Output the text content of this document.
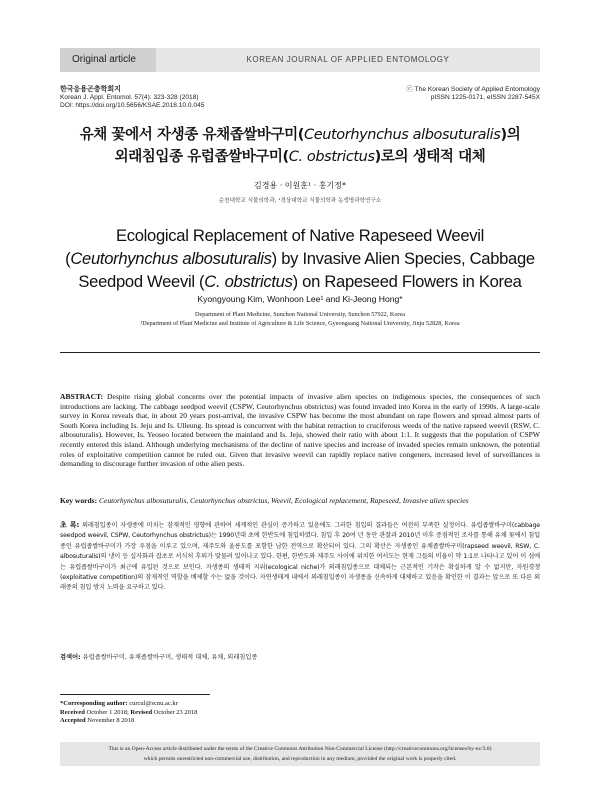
Original article	KOREAN JOURNAL OF APPLIED ENTOMOLOGY
한국응용곤충학회지
Korean J. Appl. Entomol. 57(4): 323-328 (2018)
DOI: https://doi.org/10.5656/KSAE.2018.10.0.045
ⓒ The Korean Society of Applied Entomology
pISSN 1225-0171, eISSN 2287-545X
유채 꽃에서 자생종 유채좁쌀바구미(Ceutorhynchus albosuturalis)의
외래침입종 유럽좁쌀바구미(C. obstrictus)로의 생태적 대체
김경용 · 이원훈¹ · 홍기정*
순천대학교 식물의학과, ¹경상대학교 식물의학과 농생명과학연구소
Ecological Replacement of Native Rapeseed Weevil (Ceutorhynchus albosuturalis) by Invasive Alien Species, Cabbage Seedpod Weevil (C. obstrictus) on Rapeseed Flowers in Korea
Kyongyoung Kim, Wonhoon Lee¹ and Ki-Jeong Hong*
Department of Plant Medicine, Sunchon National University, Sunchon 57922, Korea
¹Department of Plant Medicine and Institute of Agriculture & Life Science, Gyeongsang National University, Jinju 52828, Korea
ABSTRACT: Despite rising global concerns over the potential impacts of invasive alien species on indigenous species, the consequences of such introductions are lacking. The cabbage seedpod weevil (CSPW, Ceutorhynchus obstrictus) was found invaded into Korea in the early of 1990s. A large-scale survey in Korea reveals that, in about 20 years post-arrival, the invasive CSPW has become the most abundant on rape flowers and spread almost parts of South Korea including Is. Jeju and Is. Ulleung. Its spread is concurrent with the habitat retraction to cruciferous weeds of the native rapseed weevil (RSW, C. albosuturalis). However, Is. Yeoseo located between the mainland and Is. Jeju, showed their ratio with about 1:1. It suggests that the population of CSPW recently entered this island. Although underlying mechanisms of the decline of native species and increase of invaded species remain unknown, the potential roles of exploitative competition cannot be ruled out. Given that invasive weevil can rapidly replace native congeners, increased level of surveillances is demanding to discourage further invasion of othe alien pests.
Key words: Ceutorhynchus albosuturalis, Ceutorhynchus obstrictus, Weevil, Ecological replacement, Rapeseed, Invasive alien species
초 록: 외래침입종이 자생종에 미치는 잠재적인 영향에 관하여 세계적인 관심이 증가하고 있음에도 그러한 침입의 결과들은 여전히 부족한 실정이다. 유럽좁쌀바구미(cabbage seedpod weevil, CSPW, Ceutorhynchus obstrictus)는 1990년대 초에 한반도에 침입하였다. 침입 후 20여 년 동안 관찰과 2010년 이후 증점적인 조사를 통해 유채 꽃에서 침입종인 유럽좁쌀바구미가 가장 우점을 이루고 있으며, 제주도와 울릉도를 포함한 남한 전역으로 확산되어 있다. 그의 확산은 자생종인 유채좁쌀바구미(rapseed weevil, RSW, C. albosuturalis)의 냉이 등 십자화과 잡초로 서식처 후퇴가 맞물려 있어나고 있다. 한편, 한반도와 제주도 사이에 위치한 여서도는 현재 그들의 비율이 약 1:1로 나타나고 있어 이 섬에는 유럽좁쌀바구미가 최근에 유입된 것으로 보인다. 자생종의 생태적 지위(ecological niche)가 외래침입종으로 대체되는 근본적인 기작은 확실하게 알 수 없지만, 자원경쟁(exploitative competition)의 잠재적인 역할을 배제할 수는 없을 것이다. 자연생태계 내에서 외래침입종이 자생종을 신속하게 대체하고 있음을 확인한 이 결과는 앞으로 또 다른 외래종의 침입 방지 노력을 요구하고 있다.
검색어: 유럽좁쌀바구미, 유채좁쌀바구미, 생태적 대체, 유채, 외래침입종
*Corresponding author: curcul@scnu.ac.kr
Received October 1 2018; Revised October 23 2018
Accepted November 8 2018
This is an Open-Access article distributed under the terms of the Creative Commons Attribution Non-Commercial License (http://creativecommons.org/licenses/by-nc/3.0)
which permits unrestricted non-commercial use, distribution, and reproduction in any medium, provided the original work is properly cited.
